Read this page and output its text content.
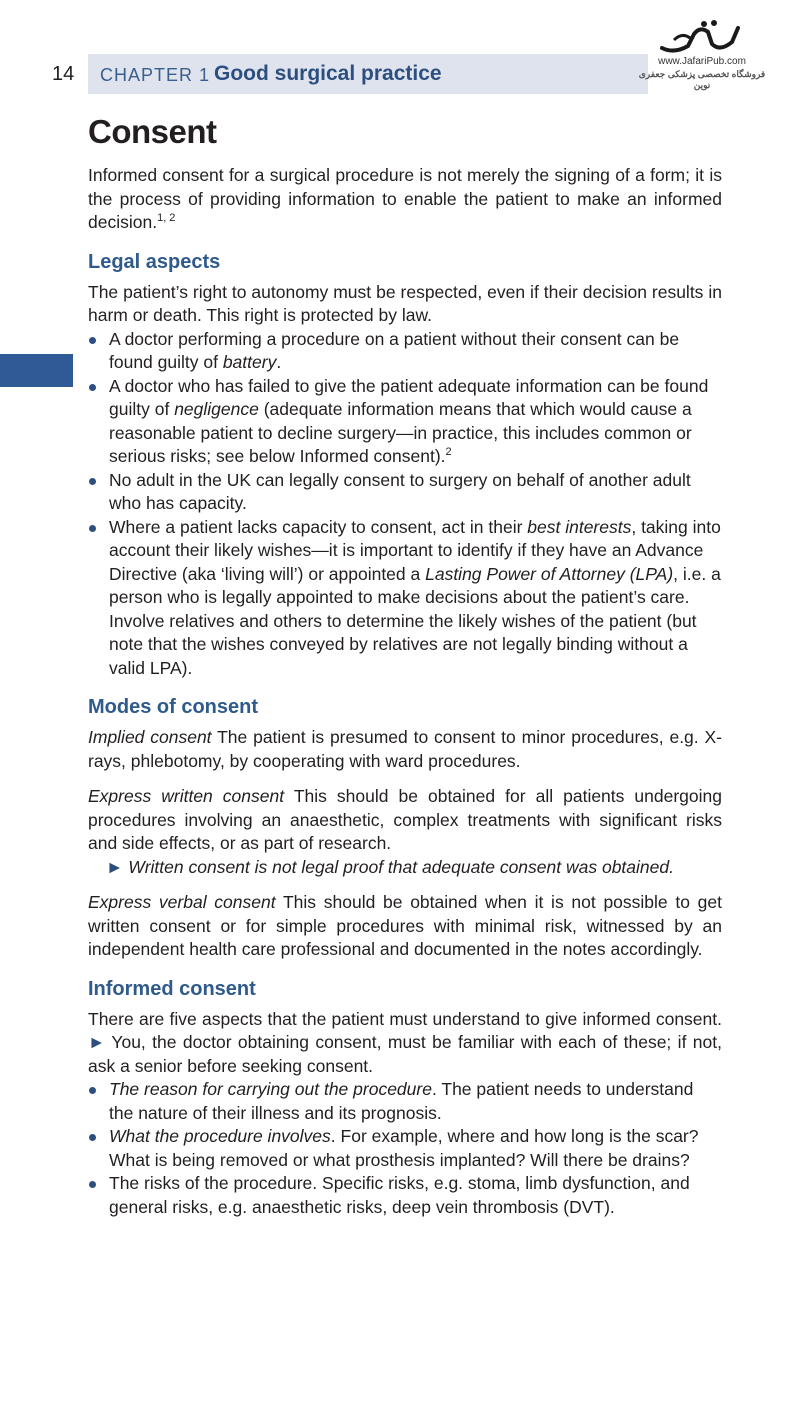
14 CHAPTER 1 Good surgical practice
www.JafariPub.com
فروشگاه تخصصی پزشکی جعفری نوین
Consent

Informed consent for a surgical procedure is not merely the signing of a form; it is the process of providing information to enable the patient to make an informed decision.$^{1, 2}$

Legal aspects

The patient’s right to autonomy must be respected, even if their decision results in harm or death. This right is protected by law.

A doctor performing a procedure on a patient without their consent can be found guilty of battery.
A doctor who has failed to give the patient adequate information can be found guilty of negligence (adequate information means that which would cause a reasonable patient to decline surgery—in practice, this includes common or serious risks; see below Informed consent).$^2$
No adult in the UK can legally consent to surgery on behalf of another adult who has capacity.
Where a patient lacks capacity to consent, act in their best interests, taking into account their likely wishes—it is important to identify if they have an Advance Directive (aka ‘living will’) or appointed a Lasting Power of Attorney (LPA), i.e. a person who is legally appointed to make decisions about the patient’s care. Involve relatives and others to determine the likely wishes of the patient (but note that the wishes conveyed by relatives are not legally binding without a valid LPA).
Modes of consent

Implied consent The patient is presumed to consent to minor procedures, e.g. X-rays, phlebotomy, by cooperating with ward procedures.

Express written consent This should be obtained for all patients undergoing procedures involving an anaesthetic, complex treatments with significant risks and side effects, or as part of research.

► Written consent is not legal proof that adequate consent was obtained.

Express verbal consent This should be obtained when it is not possible to get written consent or for simple procedures with minimal risk, witnessed by an independent health care professional and documented in the notes accordingly.

Informed consent

There are five aspects that the patient must understand to give informed consent. ► You, the doctor obtaining consent, must be familiar with each of these; if not, ask a senior before seeking consent.

The reason for carrying out the procedure. The patient needs to understand the nature of their illness and its prognosis.
What the procedure involves. For example, where and how long is the scar? What is being removed or what prosthesis implanted? Will there be drains?
The risks of the procedure. Specific risks, e.g. stoma, limb dysfunction, and general risks, e.g. anaesthetic risks, deep vein thrombosis (DVT).
